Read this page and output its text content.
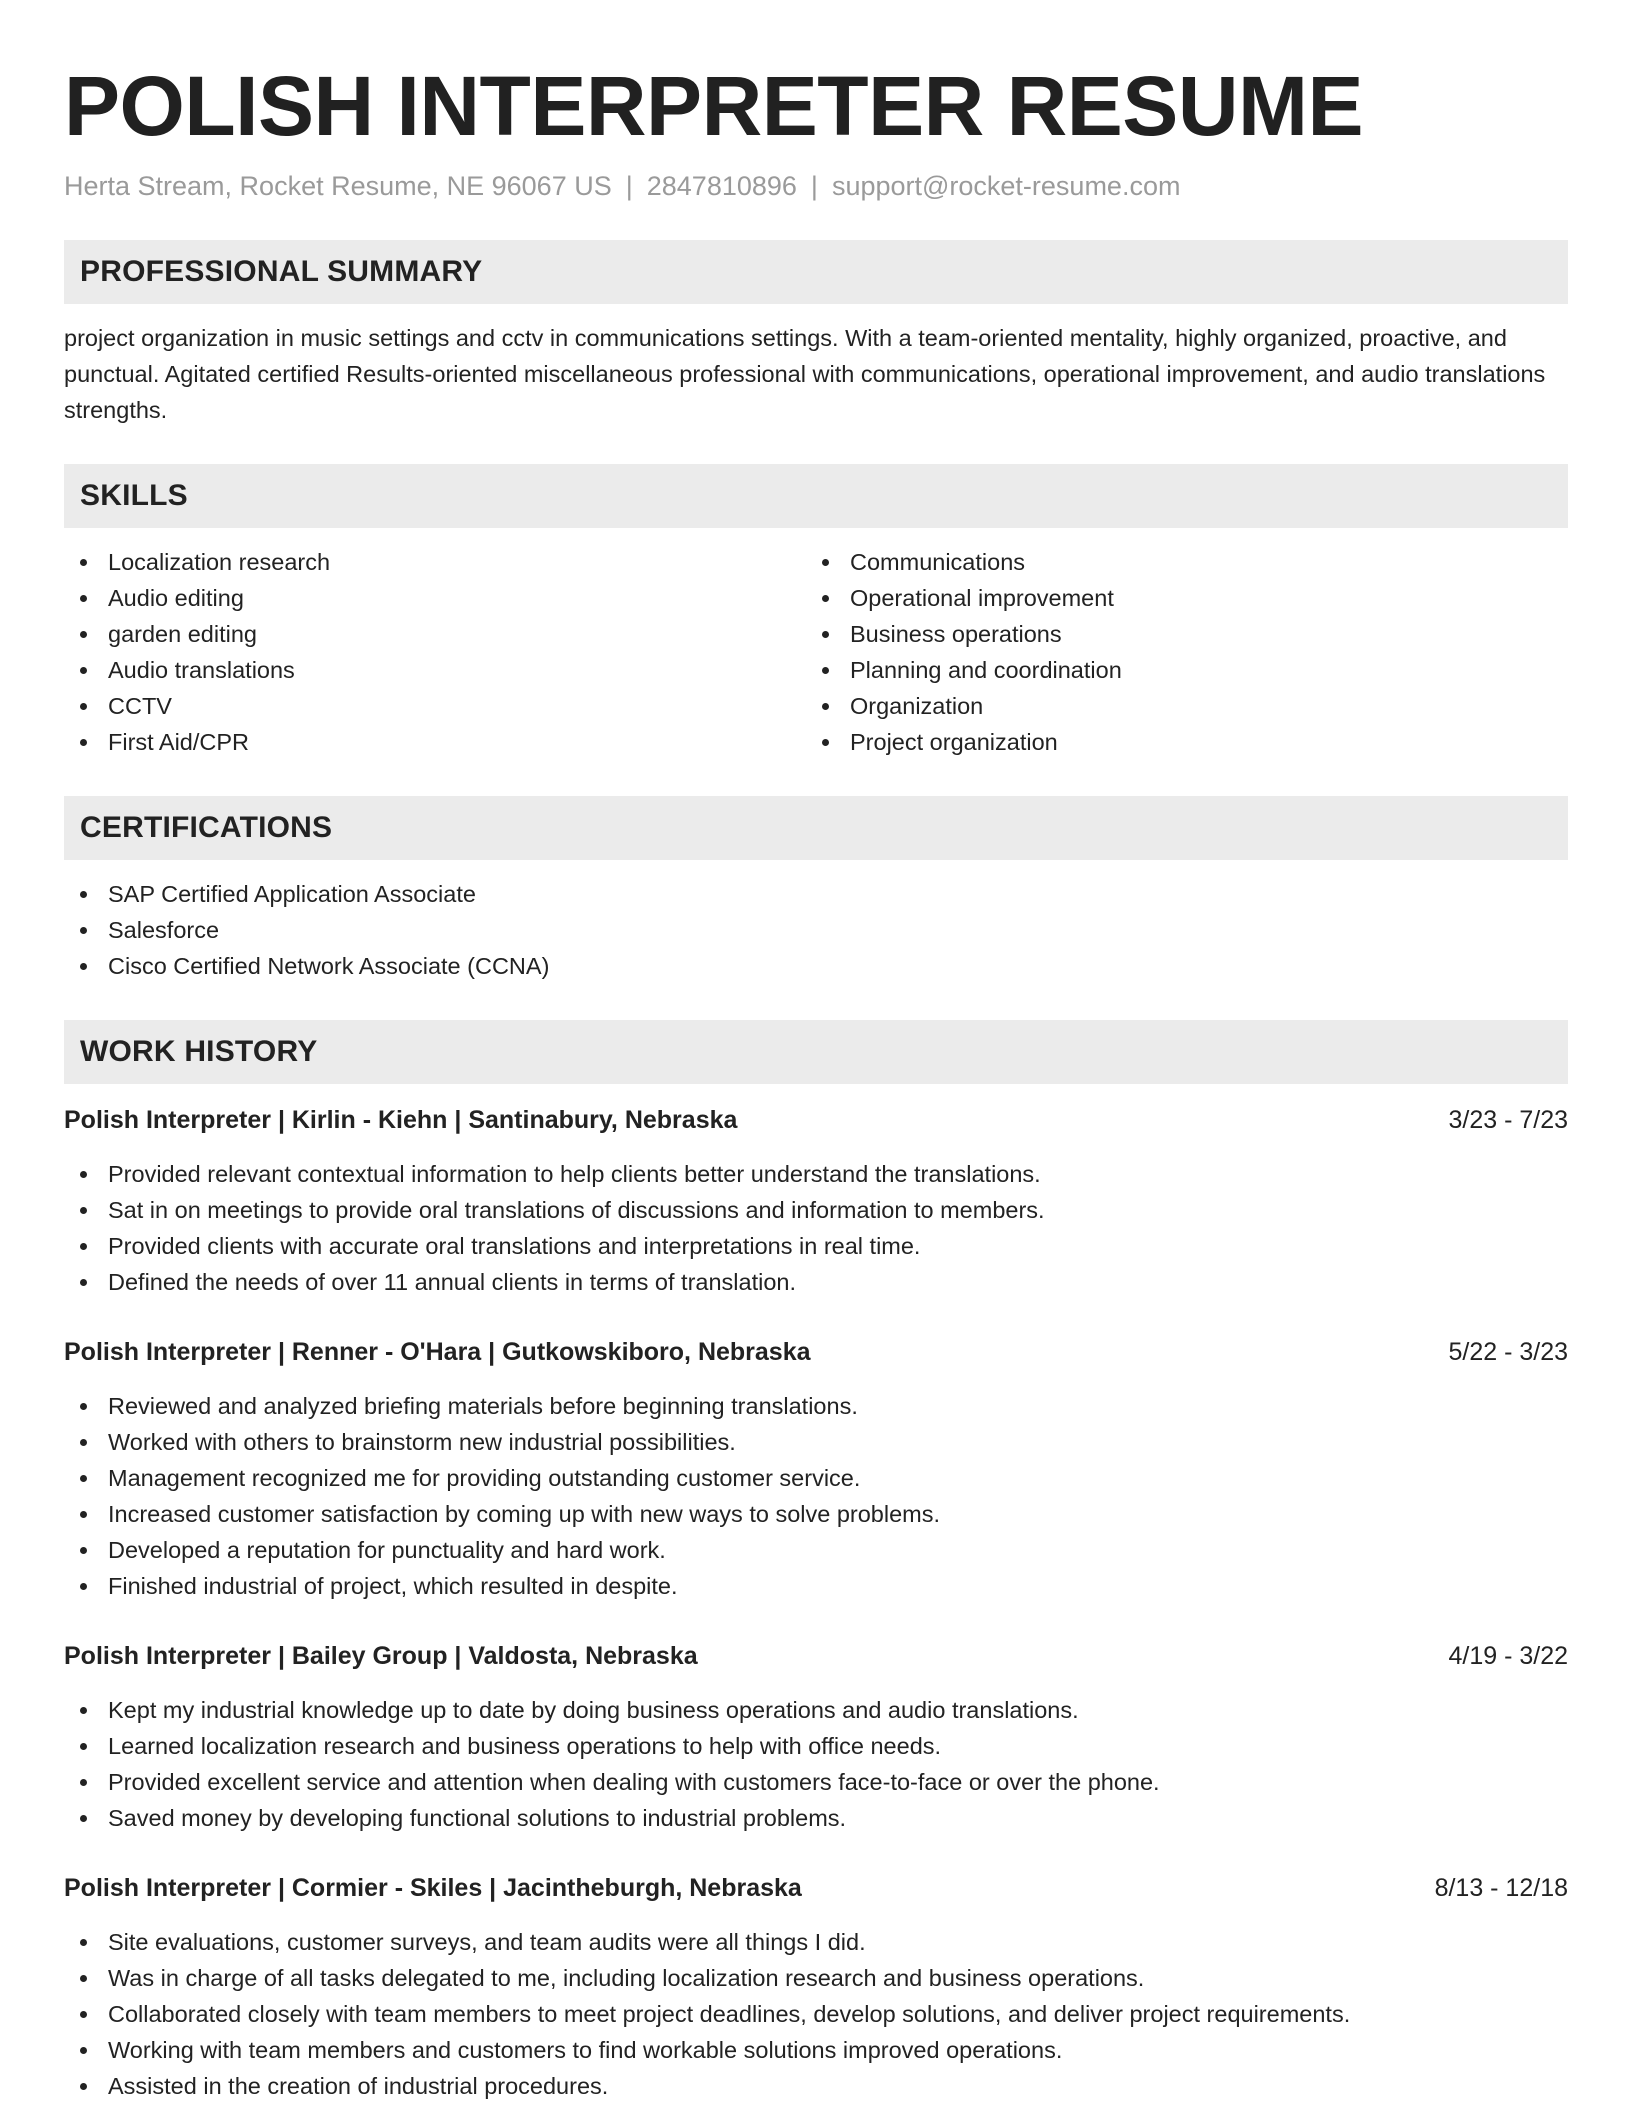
POLISH INTERPRETER RESUME
Herta Stream, Rocket Resume, NE 96067 US | 2847810896 | support@rocket-resume.com
PROFESSIONAL SUMMARY
project organization in music settings and cctv in communications settings. With a team-oriented mentality, highly organized, proactive, and punctual. Agitated certified Results-oriented miscellaneous professional with communications, operational improvement, and audio translations strengths.
SKILLS
Localization research
Audio editing
garden editing
Audio translations
CCTV
First Aid/CPR
Communications
Operational improvement
Business operations
Planning and coordination
Organization
Project organization
CERTIFICATIONS
SAP Certified Application Associate
Salesforce
Cisco Certified Network Associate (CCNA)
WORK HISTORY
Polish Interpreter | Kirlin - Kiehn | Santinabury, Nebraska	3/23 - 7/23
Provided relevant contextual information to help clients better understand the translations.
Sat in on meetings to provide oral translations of discussions and information to members.
Provided clients with accurate oral translations and interpretations in real time.
Defined the needs of over 11 annual clients in terms of translation.
Polish Interpreter | Renner - O'Hara | Gutkowskiboro, Nebraska	5/22 - 3/23
Reviewed and analyzed briefing materials before beginning translations.
Worked with others to brainstorm new industrial possibilities.
Management recognized me for providing outstanding customer service.
Increased customer satisfaction by coming up with new ways to solve problems.
Developed a reputation for punctuality and hard work.
Finished industrial of project, which resulted in despite.
Polish Interpreter | Bailey Group | Valdosta, Nebraska	4/19 - 3/22
Kept my industrial knowledge up to date by doing business operations and audio translations.
Learned localization research and business operations to help with office needs.
Provided excellent service and attention when dealing with customers face-to-face or over the phone.
Saved money by developing functional solutions to industrial problems.
Polish Interpreter | Cormier - Skiles | Jacintheburgh, Nebraska	8/13 - 12/18
Site evaluations, customer surveys, and team audits were all things I did.
Was in charge of all tasks delegated to me, including localization research and business operations.
Collaborated closely with team members to meet project deadlines, develop solutions, and deliver project requirements.
Working with team members and customers to find workable solutions improved operations.
Assisted in the creation of industrial procedures.
